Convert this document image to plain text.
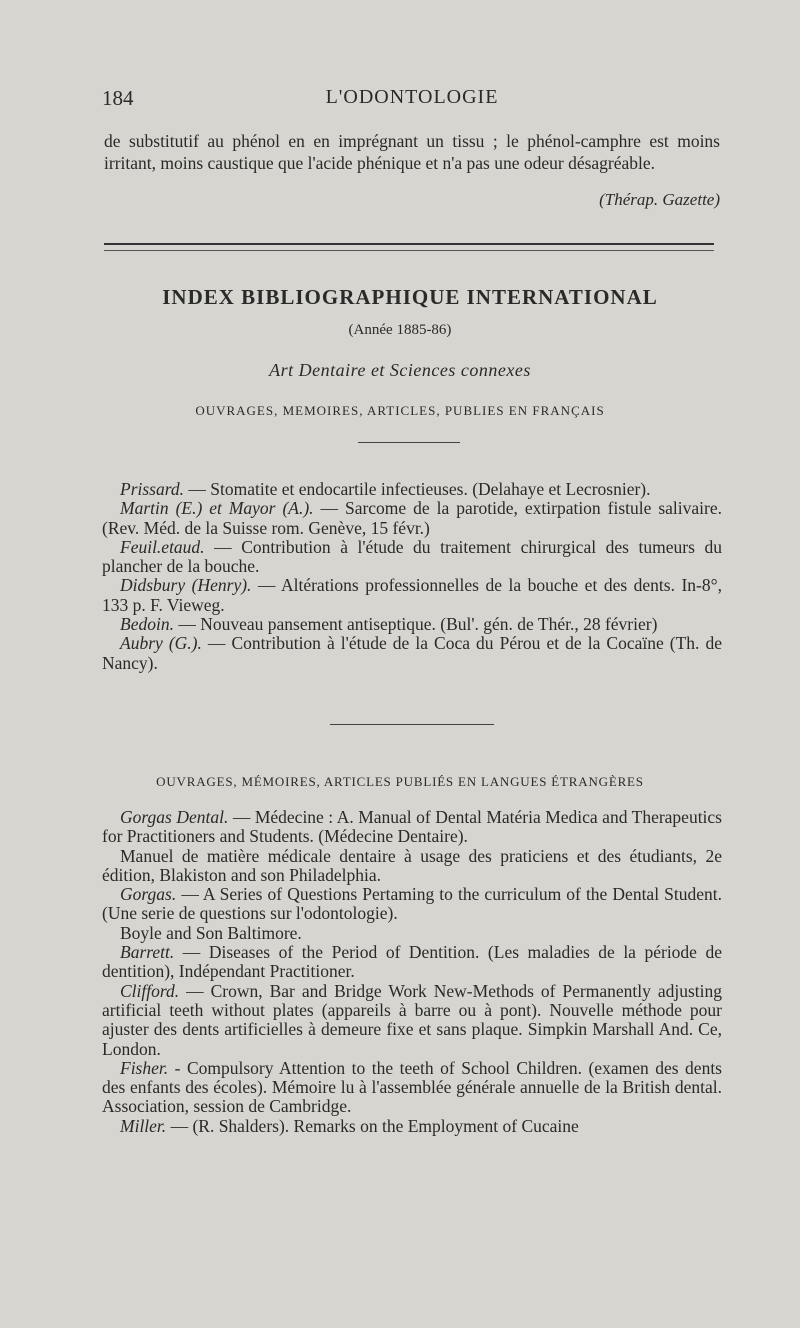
184	L'ODONTOLOGIE
de substitutif au phénol en en imprégnant un tissu ; le phénol-camphre est moins irritant, moins caustique que l'acide phénique et n'a pas une odeur désagréable.
(Thérap. Gazette)
INDEX BIBLIOGRAPHIQUE INTERNATIONAL
(Année 1885-86)
Art Dentaire et Sciences connexes
OUVRAGES, MEMOIRES, ARTICLES, PUBLIES EN FRANÇAIS

Prissard. — Stomatite et endocartile infectieuses. (Delahaye et Lecrosnier).

Martin (E.) et Mayor (A.). — Sarcome de la parotide, extirpation fistule salivaire. (Rev. Méd. de la Suisse rom. Genève, 15 févr.)

Feuil.etaud. — Contribution à l'étude du traitement chirurgical des tumeurs du plancher de la bouche.

Didsbury (Henry). — Altérations professionnelles de la bouche et des dents. In-8°, 133 p. F. Vieweg.

Bedoin. — Nouveau pansement antiseptique. (Bul'. gén. de Thér., 28 février)

Aubry (G.). — Contribution à l'étude de la Coca du Pérou et de la Cocaïne (Th. de Nancy).

OUVRAGES, MÉMOIRES, ARTICLES PUBLIÉS EN LANGUES ÉTRANGÈRES

Gorgas Dental. — Médecine : A. Manual of Dental Matéria Medica and Therapeutics for Practitioners and Students. (Médecine Dentaire).

Manuel de matière médicale dentaire à usage des praticiens et des étudiants, 2e édition, Blakiston and son Philadelphia.

Gorgas. — A Series of Questions Pertaming to the curriculum of the Dental Student. (Une serie de questions sur l'odontologie).

Boyle and Son Baltimore.

Barrett. — Diseases of the Period of Dentition. (Les maladies de la période de dentition), Indépendant Practitioner.

Clifford. — Crown, Bar and Bridge Work New-Methods of Permanently adjusting artificial teeth without plates (appareils à barre ou à pont). Nouvelle méthode pour ajuster des dents artificielles à demeure fixe et sans plaque. Simpkin Marshall And. Ce, London.

Fisher. - Compulsory Attention to the teeth of School Children. (examen des dents des enfants des écoles). Mémoire lu à l'assemblée générale annuelle de la British dental. Association, session de Cambridge.

Miller. — (R. Shalders). Remarks on the Employment of Cucaine
